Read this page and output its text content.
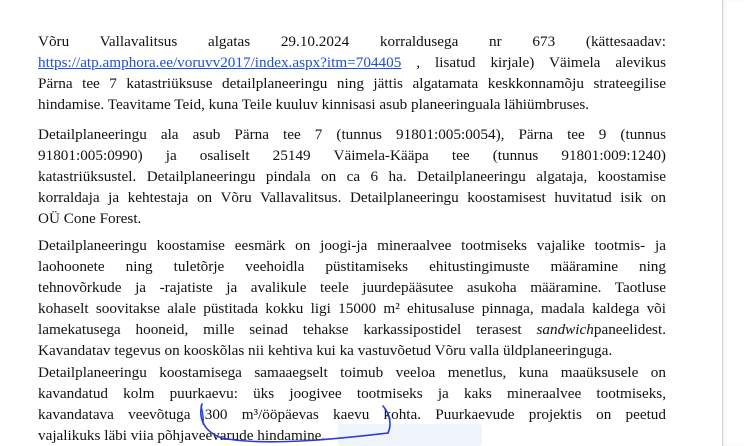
Võru Vallavalitsus algatas 29.10.2024 korraldusega nr 673 (kättesaadav:
https://atp.amphora.ee/voruvv2017/index.aspx?itm=704405 , lisatud kirjale) Väimela alevikus
Pärna tee 7 katastriüksuse detailplaneeringu ning jättis algatamata keskkonnamõju strateegilise
hindamise. Teavitame Teid, kuna Teile kuuluv kinnisasi asub planeeringuala lähiümbruses.
Detailplaneeringu ala asub Pärna tee 7 (tunnus 91801:005:0054), Pärna tee 9 (tunnus
91801:005:0990) ja osaliselt 25149 Väimela-Kääpa tee (tunnus 91801:009:1240)
katastriüksustel. Detailplaneeringu pindala on ca 6 ha. Detailplaneeringu algataja, koostamise
korraldaja ja kehtestaja on Võru Vallavalitsus. Detailplaneeringu koostamisest huvitatud isik on
OÜ Cone Forest.
Detailplaneeringu koostamise eesmärk on joogi-ja mineraalvee tootmiseks vajalike tootmis- ja
laohoonete ning tuletõrje veehoidla püstitamiseks ehitustingimuste määramine ning
tehnovõrkude ja -rajatiste ja avalikule teele juurdepääsutee asukoha määramine. Taotluse
kohaselt soovitakse alale püstitada kokku ligi 15000 m² ehitusaluse pinnaga, madala kaldega või
lamekatusega hooneid, mille seinad tehakse karkassipostidel terasest sandwichpaneelidest.
Kavandatav tegevus on kooskõlas nii kehtiva kui ka vastuvõetud Võru valla üldplaneeringuga.
Detailplaneeringu koostamisega samaaegselt toimub veeloa menetlus, kuna maaüksusele on
kavandatud kolm puurkaevu: üks joogivee tootmiseks ja kaks mineraalvee tootmiseks,
kavandatava veevõtuga 300 m³/ööpäevas kaevu kohta. Puurkaevude projektis on peetud
vajalikuks läbi viia põhjaveevarude hindamine.
